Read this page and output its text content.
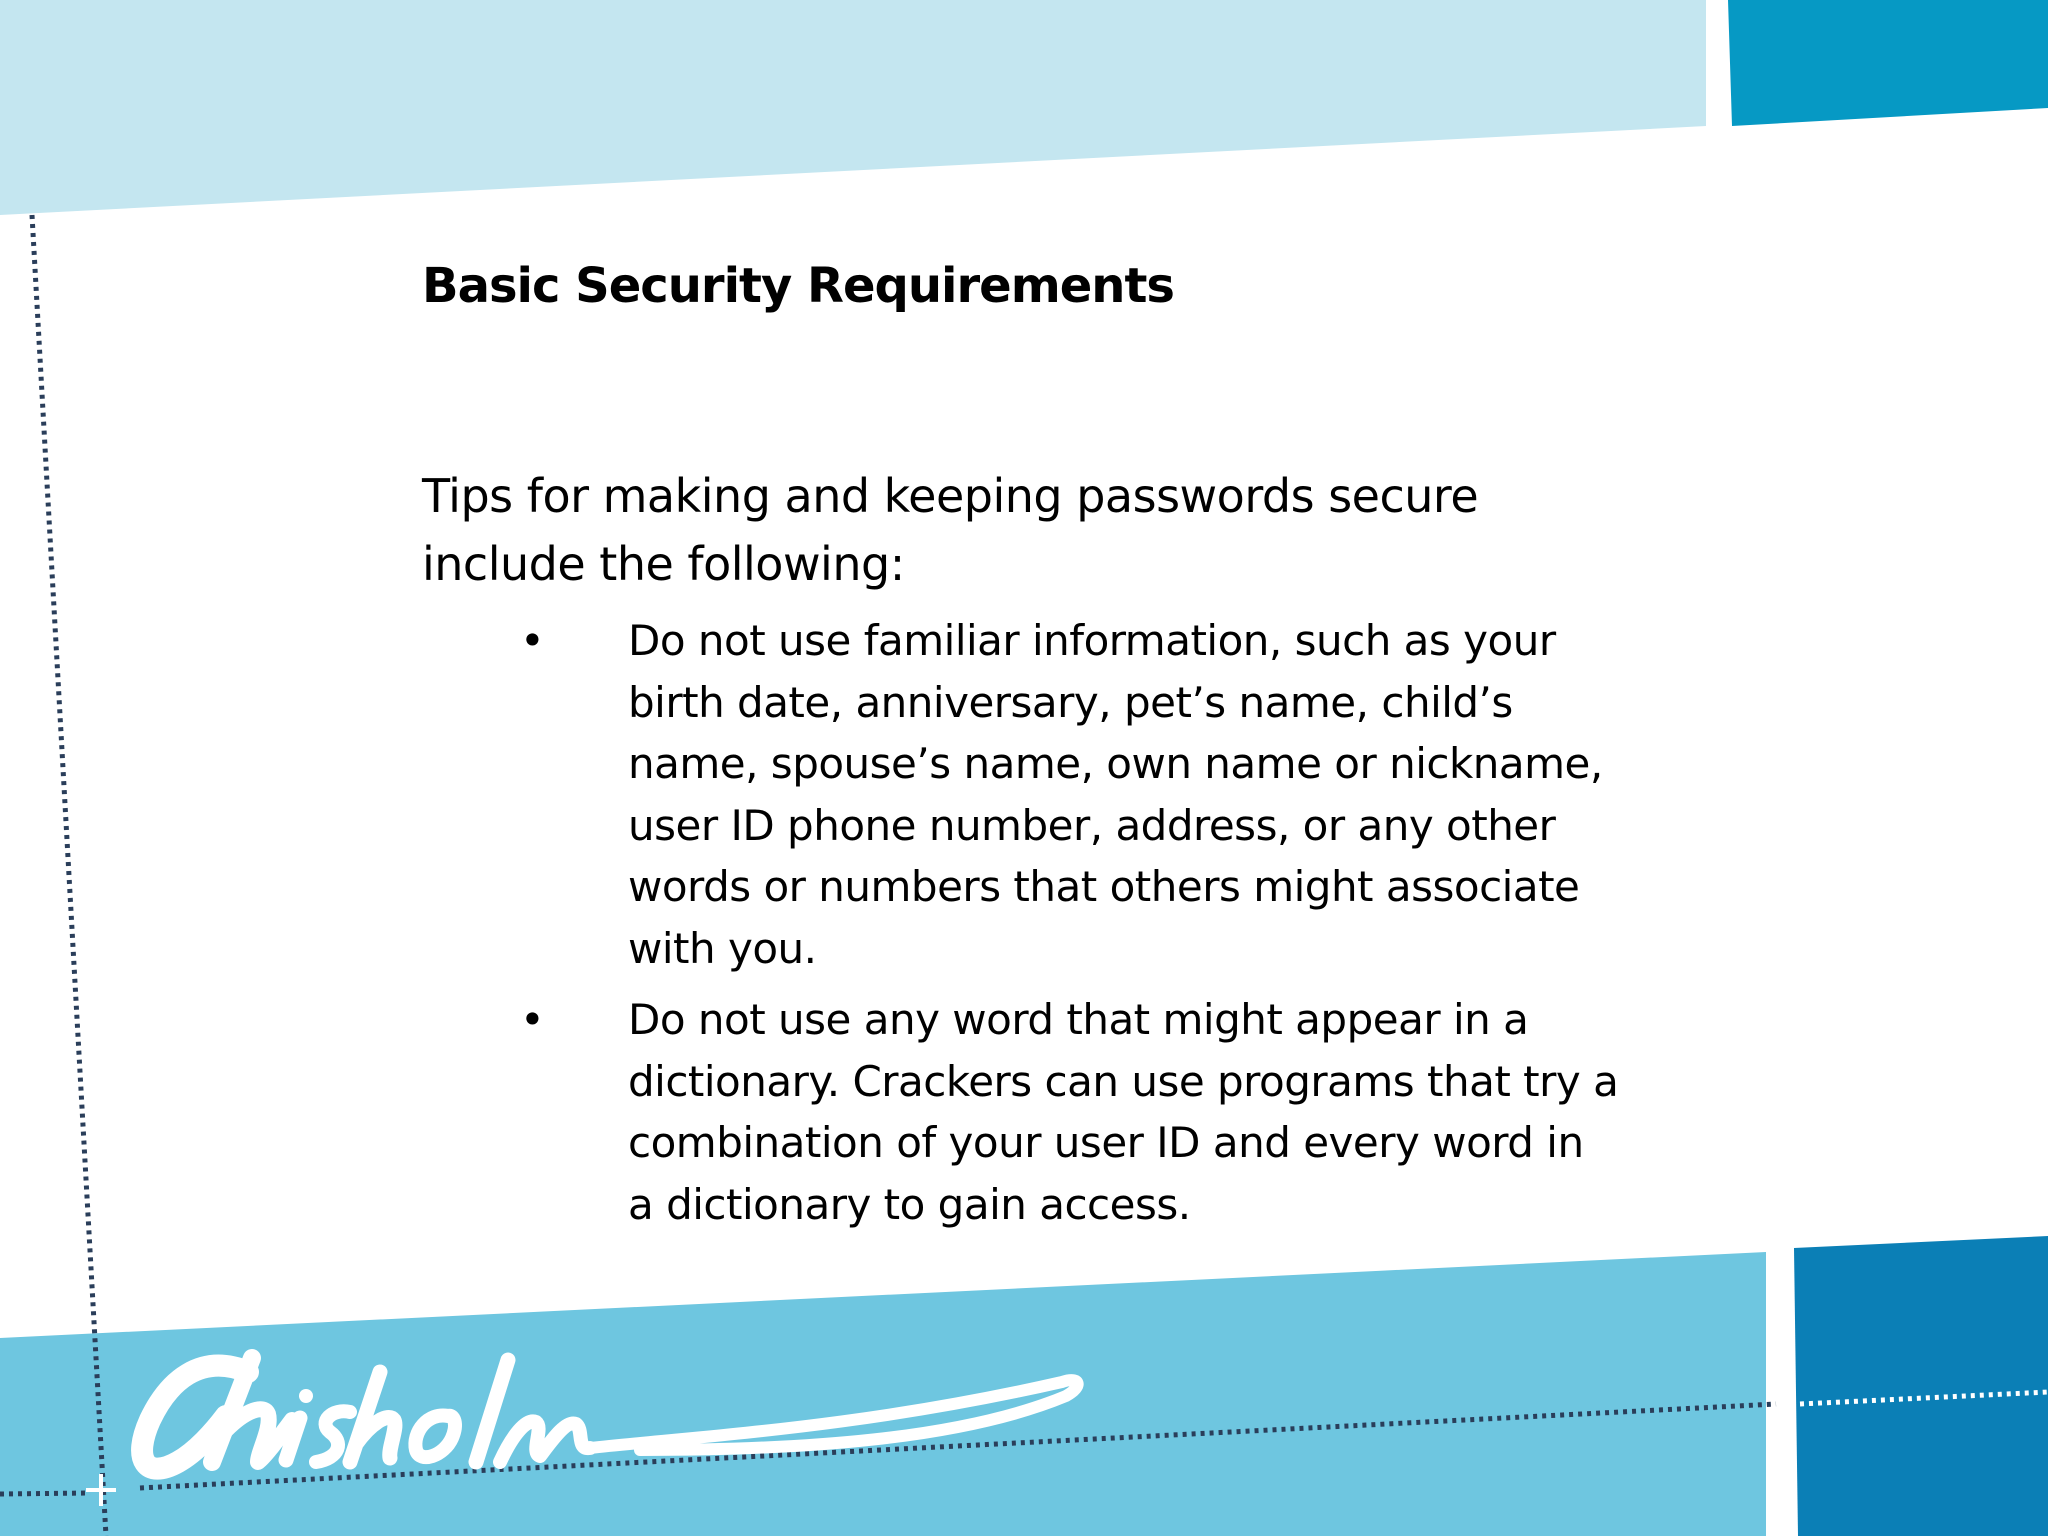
Basic Security Requirements

Tips for making and keeping passwords secure include the following:

•	Do not use familiar information, such as your birth date, anniversary, pet’s name, child’s name, spouse’s name, own name or nickname, user ID phone number, address, or any other words or numbers that others might associate with you.
•	Do not use any word that might appear in a dictionary. Crackers can use programs that try a combination of your user ID and every word in a dictionary to gain access.
